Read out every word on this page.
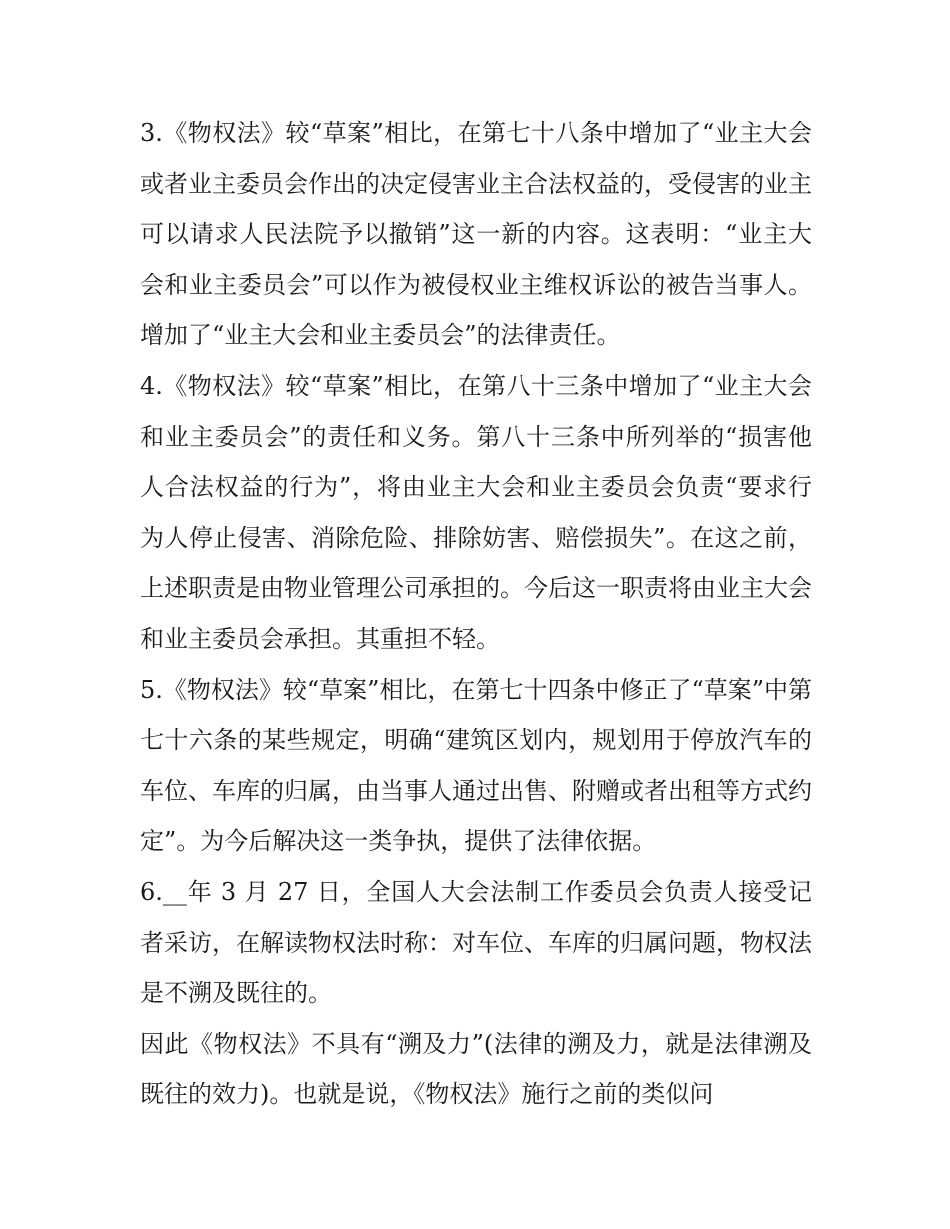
3.《物权法》较“草案”相比，在第七十八条中增加了“业主大会或者业主委员会作出的决定侵害业主合法权益的，受侵害的业主可以请求人民法院予以撤销”这一新的内容。这表明：“业主大会和业主委员会”可以作为被侵权业主维权诉讼的被告当事人。增加了“业主大会和业主委员会”的法律责任。

4.《物权法》较“草案”相比，在第八十三条中增加了“业主大会和业主委员会”的责任和义务。第八十三条中所列举的“损害他人合法权益的行为”，将由业主大会和业主委员会负责“要求行为人停止侵害、消除危险、排除妨害、赔偿损失”。在这之前，上述职责是由物业管理公司承担的。今后这一职责将由业主大会和业主委员会承担。其重担不轻。

5.《物权法》较“草案”相比，在第七十四条中修正了“草案”中第七十六条的某些规定，明确“建筑区划内，规划用于停放汽车的车位、车库的归属，由当事人通过出售、附赠或者出租等方式约定”。为今后解决这一类争执，提供了法律依据。

6.__年 3 月 27 日，全国人大会法制工作委员会负责人接受记者采访，在解读物权法时称：对车位、车库的归属问题，物权法是不溯及既往的。

因此《物权法》不具有“溯及力”(法律的溯及力，就是法律溯及既往的效力)。也就是说，《物权法》施行之前的类似问
